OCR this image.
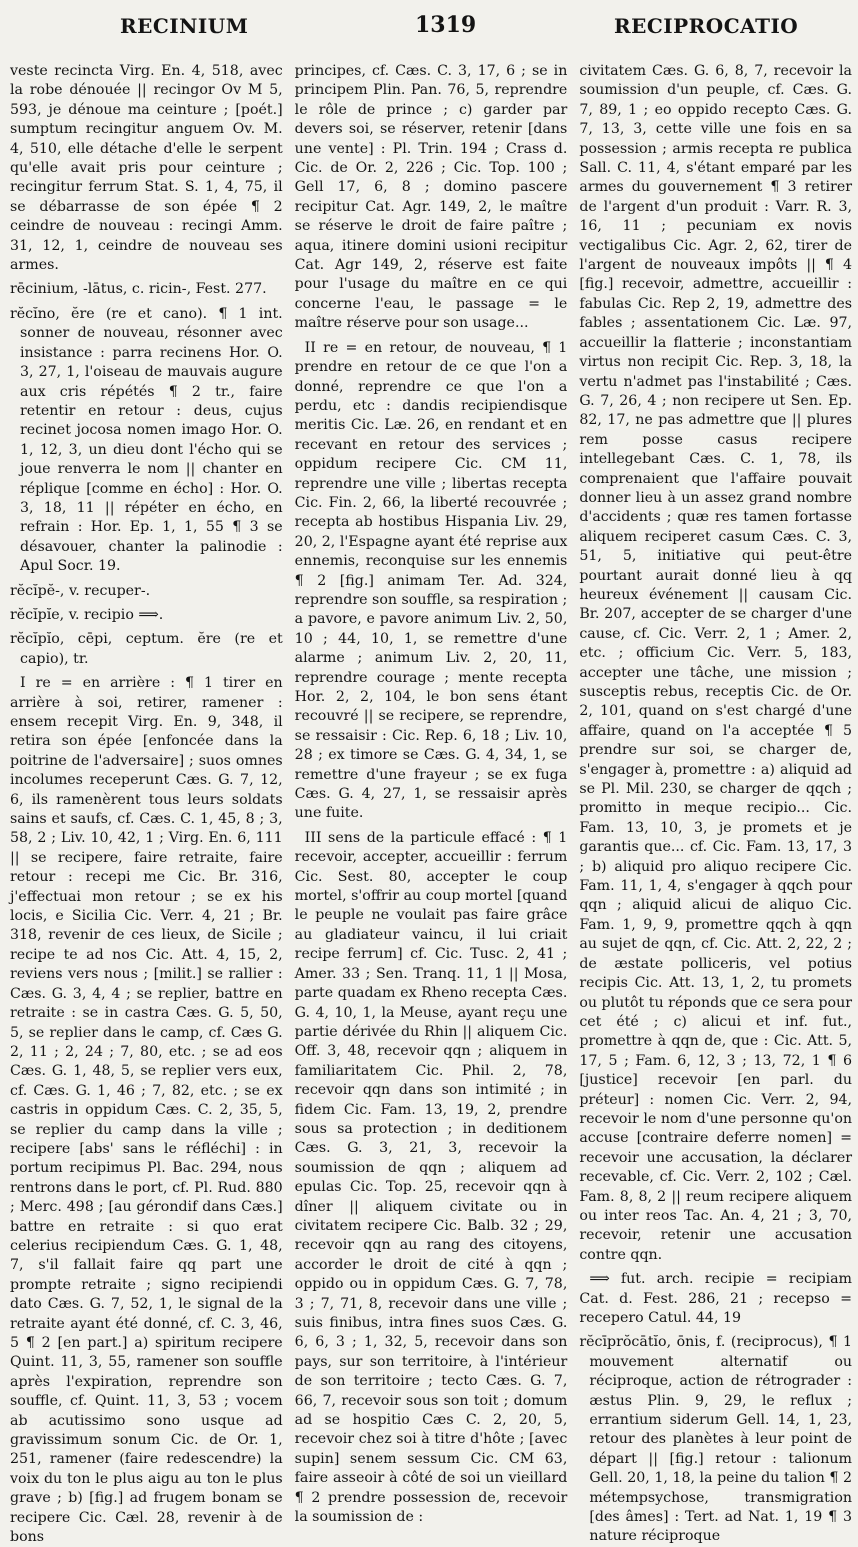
RECINIUM	1319	RECIPROCATIO

veste recincta Virg. En. 4, 518, avec la robe dénouée || recingor Ov M 5, 593, je dénoue ma ceinture ; [poét.] sumptum recingitur anguem Ov. M. 4, 510, elle détache d'elle le serpent qu'elle avait pris pour ceinture ; recingitur ferrum Stat. S. 1, 4, 75, il se débarrasse de son épée ¶ 2 ceindre de nouveau : recingi Amm. 31, 12, 1, ceindre de nouveau ses armes.

rēcinium, -lātus, c. ricin-, Fest. 277.

rĕcĭno, ĕre (re et cano). ¶ 1 int. sonner de nouveau, résonner avec insistance : parra recinens Hor. O. 3, 27, 1, l'oiseau de mauvais augure aux cris répétés ¶ 2 tr., faire retentir en retour : deus, cujus recinet jocosa nomen imago Hor. O. 1, 12, 3, un dieu dont l'écho qui se joue renverra le nom || chanter en réplique [comme en écho] : Hor. O. 3, 18, 11 || répéter en écho, en refrain : Hor. Ep. 1, 1, 55 ¶ 3 se désavouer, chanter la palinodie : Apul Socr. 19.

rĕcĭpĕ-, v. recuper-.

rĕcĭpĭe, v. recipio ⟹.

rĕcĭpĭo, cēpi, ceptum. ĕre (re et capio), tr.

I re = en arrière : ¶ 1 tirer en arrière à soi, retirer, ramener : ensem recepit Virg. En. 9, 348, il retira son épée [enfoncée dans la poitrine de l'adversaire] ; suos omnes incolumes receperunt Cæs. G. 7, 12, 6, ils ramenèrent tous leurs soldats sains et saufs, cf. Cæs. C. 1, 45, 8 ; 3, 58, 2 ; Liv. 10, 42, 1 ; Virg. En. 6, 111 || se recipere, faire retraite, faire retour : recepi me Cic. Br. 316, j'effectuai mon retour ; se ex his locis, e Sicilia Cic. Verr. 4, 21 ; Br. 318, revenir de ces lieux, de Sicile ; recipe te ad nos Cic. Att. 4, 15, 2, reviens vers nous ; [milit.] se rallier : Cæs. G. 3, 4, 4 ; se replier, battre en retraite : se in castra Cæs. G. 5, 50, 5, se replier dans le camp, cf. Cæs G. 2, 11 ; 2, 24 ; 7, 80, etc. ; se ad eos Cæs. G. 1, 48, 5, se replier vers eux, cf. Cæs. G. 1, 46 ; 7, 82, etc. ; se ex castris in oppidum Cæs. C. 2, 35, 5, se replier du camp dans la ville ; recipere [abs' sans le réfléchi] : in portum recipimus Pl. Bac. 294, nous rentrons dans le port, cf. Pl. Rud. 880 ; Merc. 498 ; [au gérondif dans Cæs.] battre en retraite : si quo erat celerius recipiendum Cæs. G. 1, 48, 7, s'il fallait faire qq part une prompte retraite ; signo recipiendi dato Cæs. G. 7, 52, 1, le signal de la retraite ayant été donné, cf. C. 3, 46, 5 ¶ 2 [en part.] a) spiritum recipere Quint. 11, 3, 55, ramener son souffle après l'expiration, reprendre son souffle, cf. Quint. 11, 3, 53 ; vocem ab acutissimo sono usque ad gravissimum sonum Cic. de Or. 1, 251, ramener (faire redescendre) la voix du ton le plus aigu au ton le plus grave ; b) [fig.] ad frugem bonam se recipere Cic. Cæl. 28, revenir à de bons

principes, cf. Cæs. C. 3, 17, 6 ; se in principem Plin. Pan. 76, 5, reprendre le rôle de prince ; c) garder par devers soi, se réserver, retenir [dans une vente] : Pl. Trin. 194 ; Crass d. Cic. de Or. 2, 226 ; Cic. Top. 100 ; Gell 17, 6, 8 ; domino pascere recipitur Cat. Agr. 149, 2, le maître se réserve le droit de faire paître ; aqua, itinere domini usioni recipitur Cat. Agr 149, 2, réserve est faite pour l'usage du maître en ce qui concerne l'eau, le passage = le maître réserve pour son usage...

II re = en retour, de nouveau, ¶ 1 prendre en retour de ce que l'on a donné, reprendre ce que l'on a perdu, etc : dandis recipiendisque meritis Cic. Læ. 26, en rendant et en recevant en retour des services ; oppidum recipere Cic. CM 11, reprendre une ville ; libertas recepta Cic. Fin. 2, 66, la liberté recouvrée ; recepta ab hostibus Hispania Liv. 29, 20, 2, l'Espagne ayant été reprise aux ennemis, reconquise sur les ennemis ¶ 2 [fig.] animam Ter. Ad. 324, reprendre son souffle, sa respiration ; a pavore, e pavore animum Liv. 2, 50, 10 ; 44, 10, 1, se remettre d'une alarme ; animum Liv. 2, 20, 11, reprendre courage ; mente recepta Hor. 2, 2, 104, le bon sens étant recouvré || se recipere, se reprendre, se ressaisir : Cic. Rep. 6, 18 ; Liv. 10, 28 ; ex timore se Cæs. G. 4, 34, 1, se remettre d'une frayeur ; se ex fuga Cæs. G. 4, 27, 1, se ressaisir après une fuite.

III sens de la particule effacé : ¶ 1 recevoir, accepter, accueillir : ferrum Cic. Sest. 80, accepter le coup mortel, s'offrir au coup mortel [quand le peuple ne voulait pas faire grâce au gladiateur vaincu, il lui criait recipe ferrum] cf. Cic. Tusc. 2, 41 ; Amer. 33 ; Sen. Tranq. 11, 1 || Mosa, parte quadam ex Rheno recepta Cæs. G. 4, 10, 1, la Meuse, ayant reçu une partie dérivée du Rhin || aliquem Cic. Off. 3, 48, recevoir qqn ; aliquem in familiaritatem Cic. Phil. 2, 78, recevoir qqn dans son intimité ; in fidem Cic. Fam. 13, 19, 2, prendre sous sa protection ; in deditionem Cæs. G. 3, 21, 3, recevoir la soumission de qqn ; aliquem ad epulas Cic. Top. 25, recevoir qqn à dîner || aliquem civitate ou in civitatem recipere Cic. Balb. 32 ; 29, recevoir qqn au rang des citoyens, accorder le droit de cité à qqn ; oppido ou in oppidum Cæs. G. 7, 78, 3 ; 7, 71, 8, recevoir dans une ville ; suis finibus, intra fines suos Cæs. G. 6, 6, 3 ; 1, 32, 5, recevoir dans son pays, sur son territoire, à l'intérieur de son territoire ; tecto Cæs. G. 7, 66, 7, recevoir sous son toit ; domum ad se hospitio Cæs C. 2, 20, 5, recevoir chez soi à titre d'hôte ; [avec supin] senem sessum Cic. CM 63, faire asseoir à côté de soi un vieillard ¶ 2 prendre possession de, recevoir la soumission de :

civitatem Cæs. G. 6, 8, 7, recevoir la soumission d'un peuple, cf. Cæs. G. 7, 89, 1 ; eo oppido recepto Cæs. G. 7, 13, 3, cette ville une fois en sa possession ; armis recepta re publica Sall. C. 11, 4, s'étant emparé par les armes du gouvernement ¶ 3 retirer de l'argent d'un produit : Varr. R. 3, 16, 11 ; pecuniam ex novis vectigalibus Cic. Agr. 2, 62, tirer de l'argent de nouveaux impôts || ¶ 4 [fig.] recevoir, admettre, accueillir : fabulas Cic. Rep 2, 19, admettre des fables ; assentationem Cic. Læ. 97, accueillir la flatterie ; inconstantiam virtus non recipit Cic. Rep. 3, 18, la vertu n'admet pas l'instabilité ; Cæs. G. 7, 26, 4 ; non recipere ut Sen. Ep. 82, 17, ne pas admettre que || plures rem posse casus recipere intellegebant Cæs. C. 1, 78, ils comprenaient que l'affaire pouvait donner lieu à un assez grand nombre d'accidents ; quæ res tamen fortasse aliquem reciperet casum Cæs. C. 3, 51, 5, initiative qui peut-être pourtant aurait donné lieu à qq heureux événement || causam Cic. Br. 207, accepter de se charger d'une cause, cf. Cic. Verr. 2, 1 ; Amer. 2, etc. ; officium Cic. Verr. 5, 183, accepter une tâche, une mission ; susceptis rebus, receptis Cic. de Or. 2, 101, quand on s'est chargé d'une affaire, quand on l'a acceptée ¶ 5 prendre sur soi, se charger de, s'engager à, promettre : a) aliquid ad se Pl. Mil. 230, se charger de qqch ; promitto in meque recipio... Cic. Fam. 13, 10, 3, je promets et je garantis que... cf. Cic. Fam. 13, 17, 3 ; b) aliquid pro aliquo recipere Cic. Fam. 11, 1, 4, s'engager à qqch pour qqn ; aliquid alicui de aliquo Cic. Fam. 1, 9, 9, promettre qqch à qqn au sujet de qqn, cf. Cic. Att. 2, 22, 2 ; de æstate polliceris, vel potius recipis Cic. Att. 13, 1, 2, tu promets ou plutôt tu réponds que ce sera pour cet été ; c) alicui et inf. fut., promettre à qqn de, que : Cic. Att. 5, 17, 5 ; Fam. 6, 12, 3 ; 13, 72, 1 ¶ 6 [justice] recevoir [en parl. du préteur] : nomen Cic. Verr. 2, 94, recevoir le nom d'une personne qu'on accuse [contraire deferre nomen] = recevoir une accusation, la déclarer recevable, cf. Cic. Verr. 2, 102 ; Cæl. Fam. 8, 8, 2 || reum recipere aliquem ou inter reos Tac. An. 4, 21 ; 3, 70, recevoir, retenir une accusation contre qqn.

⟹ fut. arch. recipie = recipiam Cat. d. Fest. 286, 21 ; recepso = recepero Catul. 44, 19

rĕcīprŏcātĭo, ōnis, f. (reciprocus), ¶ 1 mouvement alternatif ou réciproque, action de rétrograder : æstus Plin. 9, 29, le reflux ; errantium siderum Gell. 14, 1, 23, retour des planètes à leur point de départ || [fig.] retour : talionum Gell. 20, 1, 18, la peine du talion ¶ 2 métempsychose, transmigration [des âmes] : Tert. ad Nat. 1, 19 ¶ 3 nature réciproque
